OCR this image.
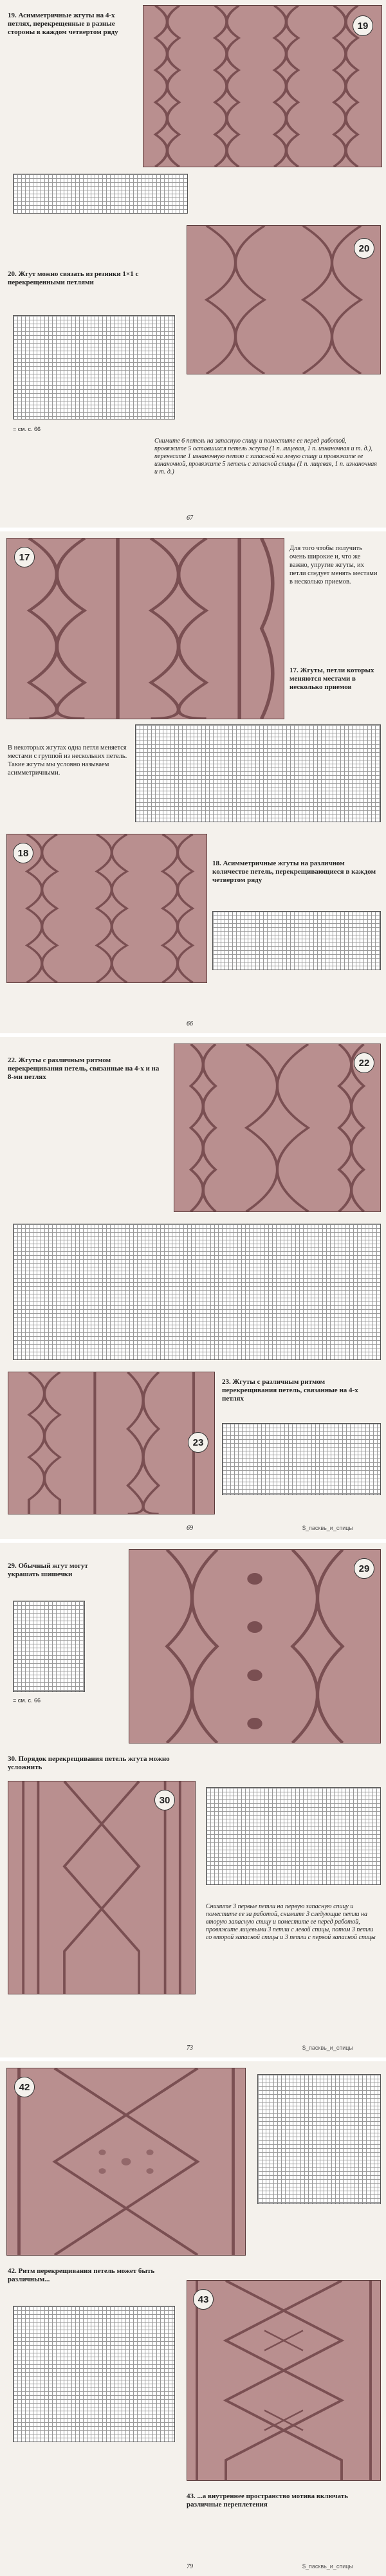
19. Асимметричные жгуты на 4-х петлях, перекрещенные в разные стороны в каждом четвертом ряду
19
20. Жгут можно связать из резинки 1×1 с перекрещенными петлями
20
= см. с. 66
Снимите 6 петель на запасную спицу и поместите ее перед работой, провяжите 5 оставшихся петель жгута (1 п. лицевая, 1 п. изнаночная и т. д.), перенесите 1 изнаночную петлю с запасной на левую спицу и провяжите ее изнаночной, провяжите 5 петель с запасной спицы (1 п. лицевая, 1 п. изнаночная и т. д.)
67
17
Для того чтобы получить очень широкие и, что же важно, упругие жгуты, их петли следует менять местами в несколько приемов.
17. Жгуты, петли которых меняются местами в несколько приемов
В некоторых жгутах одна петля меняется местами с группой из нескольких петель. Такие жгуты мы условно называем асимметричными.
18
18. Асимметричные жгуты на различном количестве петель, перекрещивающиеся в каждом четвертом ряду
66
22. Жгуты с различным ритмом перекрещивания петель, связанные на 4-х и на 8-ми петлях
22
23
23. Жгуты с различным ритмом перекрещивания петель, связанные на 4-х петлях
69	$_пасквь_и_спицы
29. Обычный жгут могут украшать шишечки
29
= см. с. 66
30. Порядок перекрещивания петель жгута можно усложнить
30
Снимите 3 первые петли на первую запасную спицу и поместите ее за работой, снимите 3 следующие петли на вторую запасную спицу и поместите ее перед работой, провяжите лицевыми 3 петли с левой спицы, потом 3 петли со второй запасной спицы и 3 петли с первой запасной спицы
73	$_пасквь_и_спицы
42
42. Ритм перекрещивания петель может быть различным...
43
43. ...а внутреннее пространство мотива включать различные переплетения
79	$_пасквь_и_спицы
